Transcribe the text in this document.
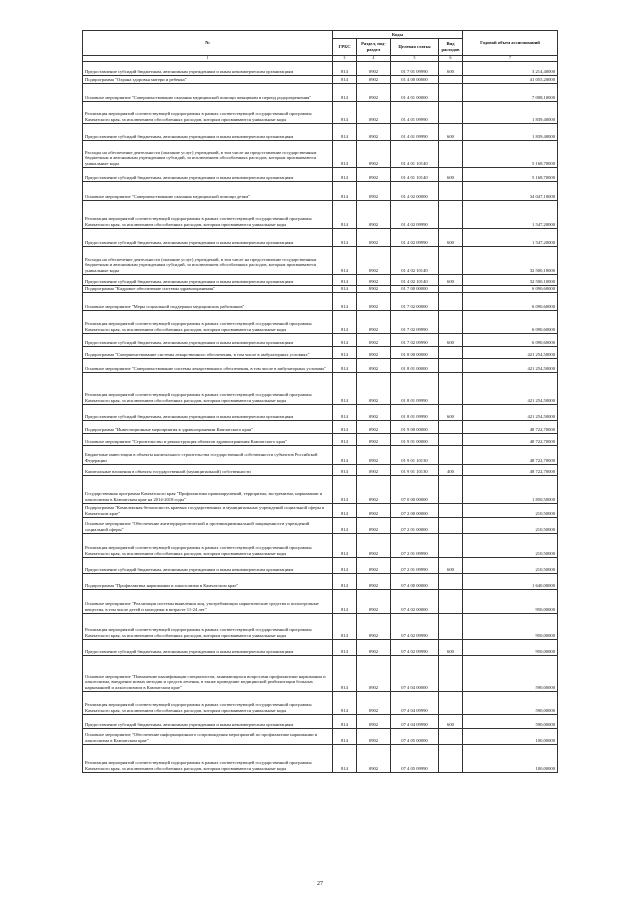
№	Коды				Годовой объем ассигнований
	ГРБС	Раздел, под-раздел	Целевая статья	Вид расходов	
1	3	4	5	6	7
Предоставление субсидий бюджетным, автономным учреждениям и иным некоммерческим организациям	814	0902	01 7 01 09990	600	3 214,40000
Подпрограмма "Охрана здоровья матери и ребенка"	814	0902	01 4 00 00000		41 055,20000
Основное мероприятие "Совершенствование оказания медицинской помощи женщинам в период родоразрешения"	814	0902	01 4 01 00000		7 008,10000
Реализация мероприятий соответствующей подпрограммы в рамках соответствующей государственной программы Камчатского края, за исключением обособленных расходов, которым присваиваются уникальные коды	814	0902	01 4 01 09990		1 839,40000
Предоставление субсидий бюджетным, автономным учреждениям и иным некоммерческим организациям	814	0902	01 4 01 09990	600	1 839,40000
Расходы на обеспечение деятельности (оказание услуг) учреждений, в том числе на предоставление государственным бюджетным и автономным учреждениям субсидий, за исключением обособленных расходов, которым присваиваются уникальные коды	814	0902	01 4 01 10140		5 168,70000
Предоставление субсидий бюджетным, автономным учреждениям и иным некоммерческим организациям	814	0902	01 4 01 10140	600	5 168,70000
Основное мероприятие "Совершенствование оказания медицинской помощи детям"	814	0902	01 4 02 00000		34 047,10000
Реализация мероприятий соответствующей подпрограммы в рамках соответствующей государственной программы Камчатского края, за исключением обособленных расходов, которым присваиваются уникальные коды	814	0902	01 4 02 09990		1 547,20000
Предоставление субсидий бюджетным, автономным учреждениям и иным некоммерческим организациям	814	0902	01 4 02 09990	600	1 547,20000
Расходы на обеспечение деятельности (оказание услуг) учреждений, в том числе на предоставление государственным бюджетным и автономным учреждениям субсидий, за исключением обособленных расходов, которым присваиваются уникальные коды	814	0902	01 4 02 10140		32 500,10000
Предоставление субсидий бюджетным, автономным учреждениям и иным некоммерческим организациям	814	0902	01 4 02 10140	600	32 500,10000
Подпрограмма "Кадровое обеспечение системы здравоохранения"	814	0902	01 7 00 00000		6 090,60000
Основное мероприятие "Меры социальной поддержки медицинских работников"	814	0902	01 7 02 00000		6 090,60000
Реализация мероприятий соответствующей подпрограммы в рамках соответствующей государственной программы Камчатского края, за исключением обособленных расходов, которым присваиваются уникальные коды	814	0902	01 7 02 09990		6 090,60000
Предоставление субсидий бюджетным, автономным учреждениям и иным некоммерческим организациям	814	0902	01 7 02 09990	600	6 090,60000
Подпрограмма "Совершенствование системы лекарственного обеспечения, в том числе в амбулаторных условиях"	814	0902	01 8 00 00000		421 254,50000
Основное мероприятие "Совершенствование системы лекарственного обеспечения, в том числе в амбулаторных условиях"	814	0902	01 8 01 00000		421 254,50000
Реализация мероприятий соответствующей подпрограммы в рамках соответствующей государственной программы Камчатского края, за исключением обособленных расходов, которым присваиваются уникальные коды	814	0902	01 8 01 09990		421 254,50000
Предоставление субсидий бюджетным, автономным учреждениям и иным некоммерческим организациям	814	0902	01 8 01 09990	600	421 254,50000
Подпрограмма "Инвестиционные мероприятия в здравоохранении Камчатского края"	814	0902	01 9 00 00000		48 722,70000
Основное мероприятие "Строительство и реконструкция объектов здравоохранения Камчатского края"	814	0902	01 9 01 00000		48 722,70000
Бюджетные инвестиции в объекты капитального строительства государственной собственности субъектов Российской Федерации	814	0902	01 9 01 10130		48 722,70000
Капитальные вложения в объекты государственной (муниципальной) собственности	814	0902	01 9 01 10130	400	48 722,70000
Государственная программа Камчатского края "Профилактика правонарушений, терроризма, экстремизма, наркомании и алкоголизма в Камчатском крае на 2014-2018 годы"	814	0902	07 0 00 00000		1 850,50000
Подпрограмма "Комплексная безопасность краевых государственных и муниципальных учреждений социальной сферы в Камчатском крае"	814	0902	07 2 00 00000		210,50000
Основное мероприятие "Обеспечение антитеррористической и противокриминальной защищенности учреждений социальной сферы"	814	0902	07 2 01 00000		210,50000
Реализация мероприятий соответствующей подпрограммы в рамках соответствующей государственной программы Камчатского края, за исключением обособленных расходов, которым присваиваются уникальные коды	814	0902	07 2 01 09990		210,50000
Предоставление субсидий бюджетным, автономным учреждениям и иным некоммерческим организациям	814	0902	07 2 01 09990	600	210,50000
Подпрограмма "Профилактика наркомании и алкоголизма в Камчатском крае"	814	0902	07 4 00 00000		1 640,00000
Основное мероприятие "Реализация системы выявления лиц, употребляющих наркотические средства и психотропные вещества, в том числе детей и молодежи в возрасте 11-24 лет"	814	0902	07 4 02 00000		950,00000
Реализация мероприятий соответствующей подпрограммы в рамках соответствующей государственной программы Камчатского края, за исключением обособленных расходов, которым присваиваются уникальные коды	814	0902	07 4 02 09990		950,00000
Предоставление субсидий бюджетным, автономным учреждениям и иным некоммерческим организациям	814	0902	07 4 02 09990	600	950,00000
Основное мероприятие "Повышение квалификации специалистов, занимающихся вопросами профилактики наркомании и алкоголизма, внедрение новых методик и средств лечения, в также проведение медицинской реабилитации больных наркоманией и алкоголизмом в Камчатском крае"	814	0902	07 4 04 00000		590,00000
Реализация мероприятий соответствующей подпрограммы в рамках соответствующей государственной программы Камчатского края, за исключением обособленных расходов, которым присваиваются уникальные коды	814	0902	07 4 04 09990		590,00000
Предоставление субсидий бюджетным, автономным учреждениям и иным некоммерческим организациям	814	0902	07 4 04 09990	600	590,00000
Основное мероприятие "Обеспечение информационного сопровождения мероприятий по профилактике наркомании и алкоголизма в Камчатском крае"	814	0902	07 4 05 00000		100,00000
Реализация мероприятий соответствующей подпрограммы в рамках соответствующей государственной программы Камчатского края, за исключением обособленных расходов, которым присваиваются уникальные коды	814	0902	07 4 05 09990		100,00000
27
